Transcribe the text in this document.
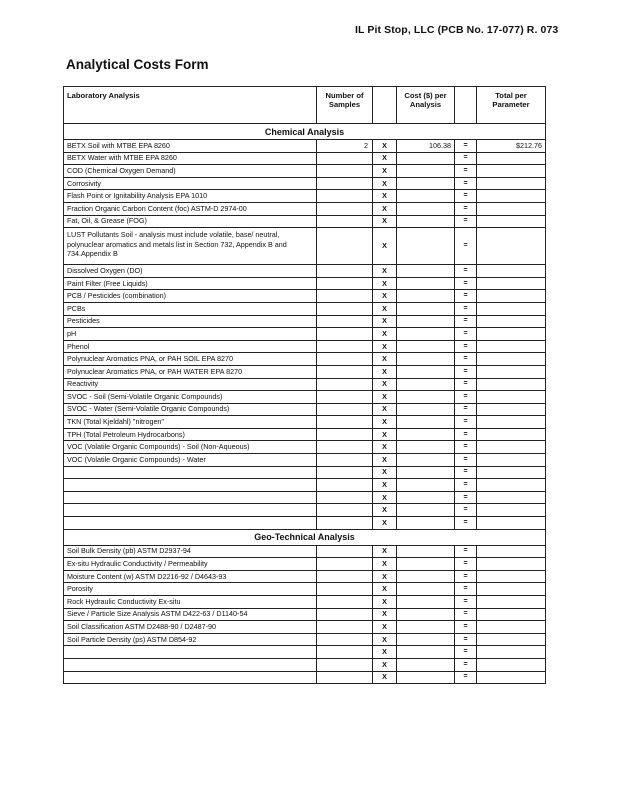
IL Pit Stop, LLC (PCB No. 17-077) R. 073
Analytical Costs Form
Laboratory Analysis	Number of Samples		Cost ($) per Analysis		Total per Parameter
Chemical Analysis					
BETX Soil with MTBE EPA 8260	2	X	106.38	=	$212.76
BETX Water with MTBE EPA 8260		X		=	
COD (Chemical Oxygen Demand)		X		=	
Corrosivity		X		=	
Flash Point or Ignitability Analysis EPA 1010		X		=	
Fraction Organic Carbon Content (foc) ASTM-D 2974-00		X		=	
Fat, Oil, & Grease (FOG)		X		=	
LUST Pollutants Soil - analysis must include volatile, base/ neutral, polynuclear aromatics and metals list in Section 732, Appendix B and 734.Appendix B		X		=	
Dissolved Oxygen (DO)		X		=	
Paint Filter (Free Liquids)		X		=	
PCB / Pesticides (combination)		X		=	
PCBs		X		=	
Pesticides		X		=	
pH		X		=	
Phenol		X		=	
Polynuclear Aromatics PNA, or PAH SOIL EPA 8270		X		=	
Polynuclear Aromatics PNA, or PAH WATER EPA 8270		X		=	
Reactivity		X		=	
SVOC - Soil (Semi-Volatile Organic Compounds)		X		=	
SVOC - Water (Semi-Volatile Organic Compounds)		X		=	
TKN (Total Kjeldahl) "nitrogen"		X		=	
TPH (Total Petroleum Hydrocarbons)		X		=	
VOC (Volatile Organic Compounds) - Soil (Non-Aqueous)		X		=	
VOC (Volatile Organic Compounds) - Water		X		=	
		X		=	
		X		=	
		X		=	
		X		=	
		X		=	
Geo-Technical Analysis					
Soil Bulk Density (pb) ASTM D2937-94		X		=	
Ex-situ Hydraulic Conductivity / Permeability		X		=	
Moisture Content (w) ASTM D2216-92 / D4643-93		X		=	
Porosity		X		=	
Rock Hydraulic Conductivity Ex-situ		X		=	
Sieve / Particle Size Analysis ASTM D422-63 / D1140-54		X		=	
Soil Classification ASTM D2488-90 / D2487-90		X		=	
Soil Particle Density (ps) ASTM D854-92		X		=	
		X		=	
		X		=	
		X		=	
